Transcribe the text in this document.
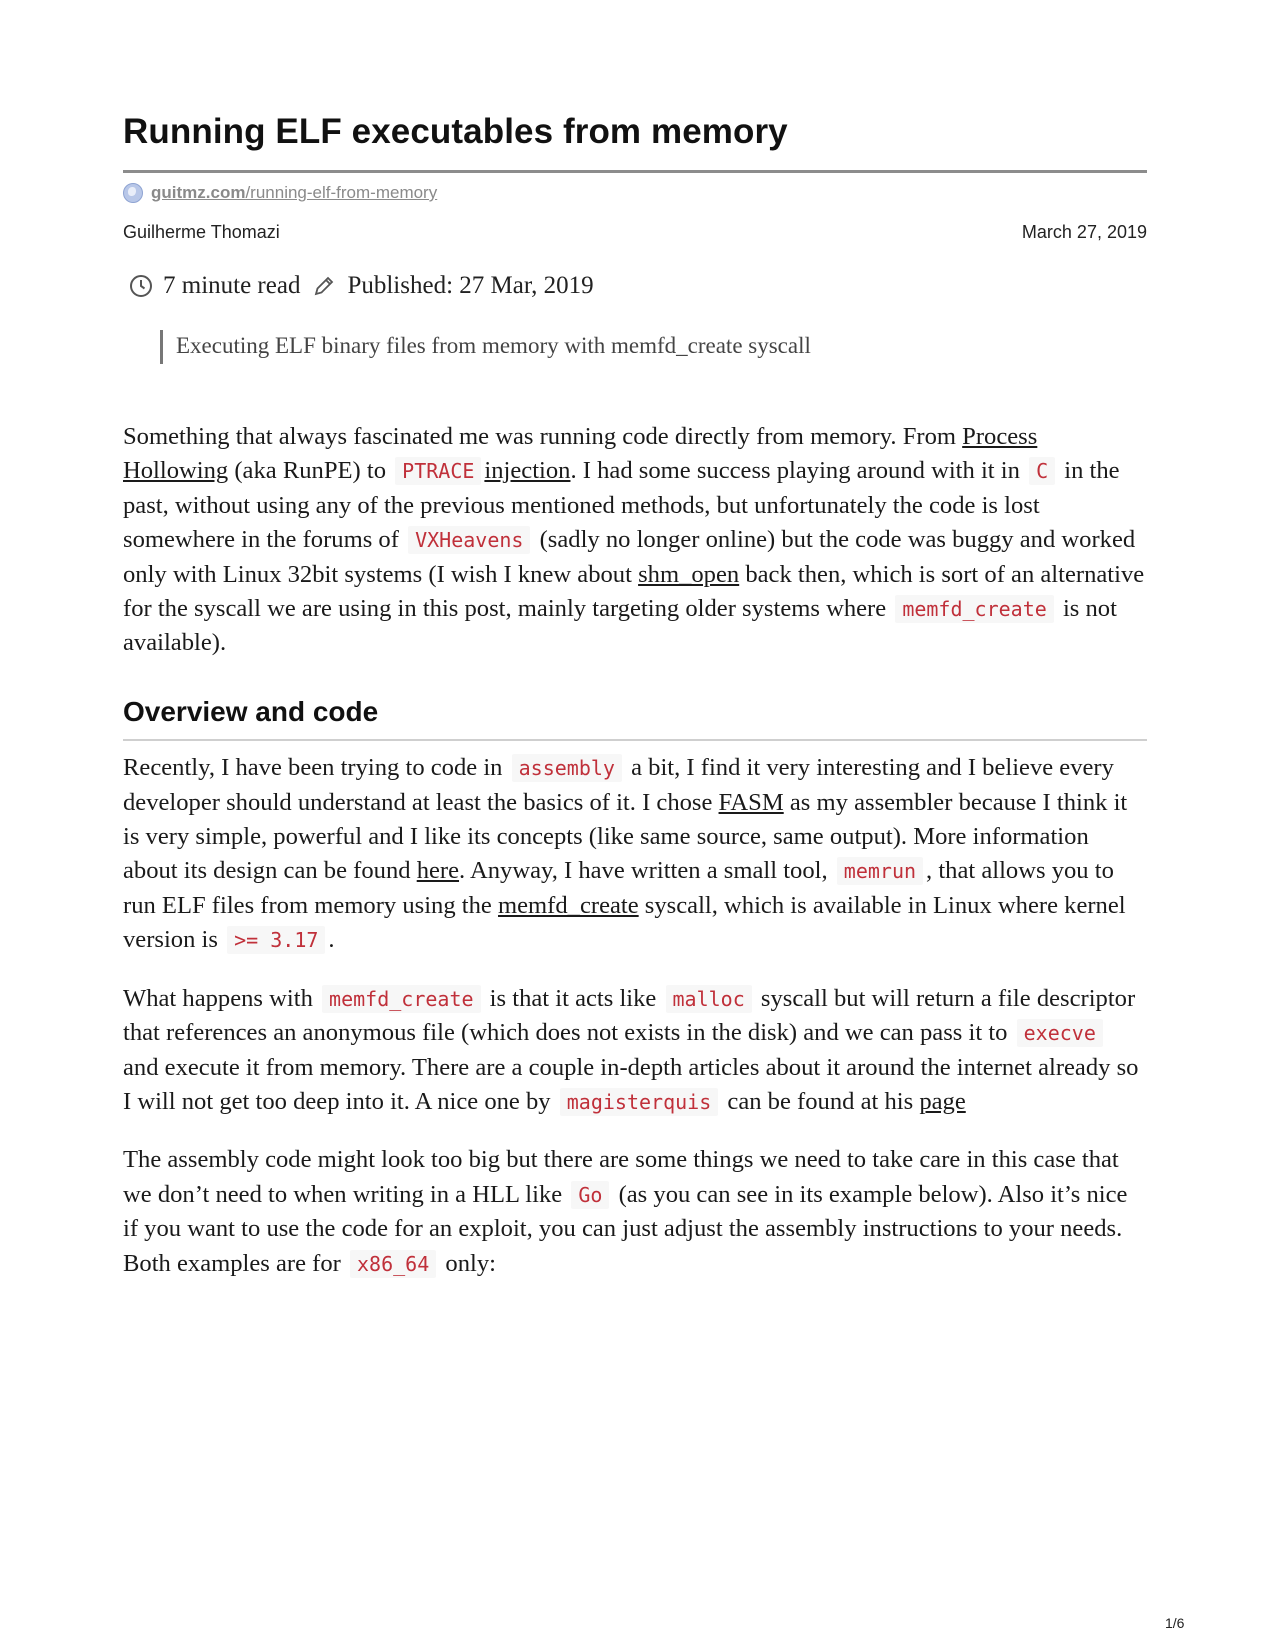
Running ELF executables from memory
guitmz.com/running-elf-from-memory
Guilherme Thomazi	March 27, 2019
7 minute read Published: 27 Mar, 2019
Executing ELF binary files from memory with memfd_create syscall

Something that always fascinated me was running code directly from memory. From Process Hollowing (aka RunPE) to PTRACE injection. I had some success playing around with it in C in the past, without using any of the previous mentioned methods, but unfortunately the code is lost somewhere in the forums of VXHeavens (sadly no longer online) but the code was buggy and worked only with Linux 32bit systems (I wish I knew about shm_open back then, which is sort of an alternative for the syscall we are using in this post, mainly targeting older systems where memfd_create is not available).

Overview and code

Recently, I have been trying to code in assembly a bit, I find it very interesting and I believe every developer should understand at least the basics of it. I chose FASM as my assembler because I think it is very simple, powerful and I like its concepts (like same source, same output). More information about its design can be found here. Anyway, I have written a small tool, memrun , that allows you to run ELF files from memory using the memfd_create syscall, which is available in Linux where kernel version is >= 3.17 .

What happens with memfd_create is that it acts like malloc syscall but will return a file descriptor that references an anonymous file (which does not exists in the disk) and we can pass it to execve and execute it from memory. There are a couple in-depth articles about it around the internet already so I will not get too deep into it. A nice one by magisterquis can be found at his page

The assembly code might look too big but there are some things we need to take care in this case that we don’t need to when writing in a HLL like Go (as you can see in its example below). Also it’s nice if you want to use the code for an exploit, you can just adjust the assembly instructions to your needs. Both examples are for x86_64 only:

1/6
